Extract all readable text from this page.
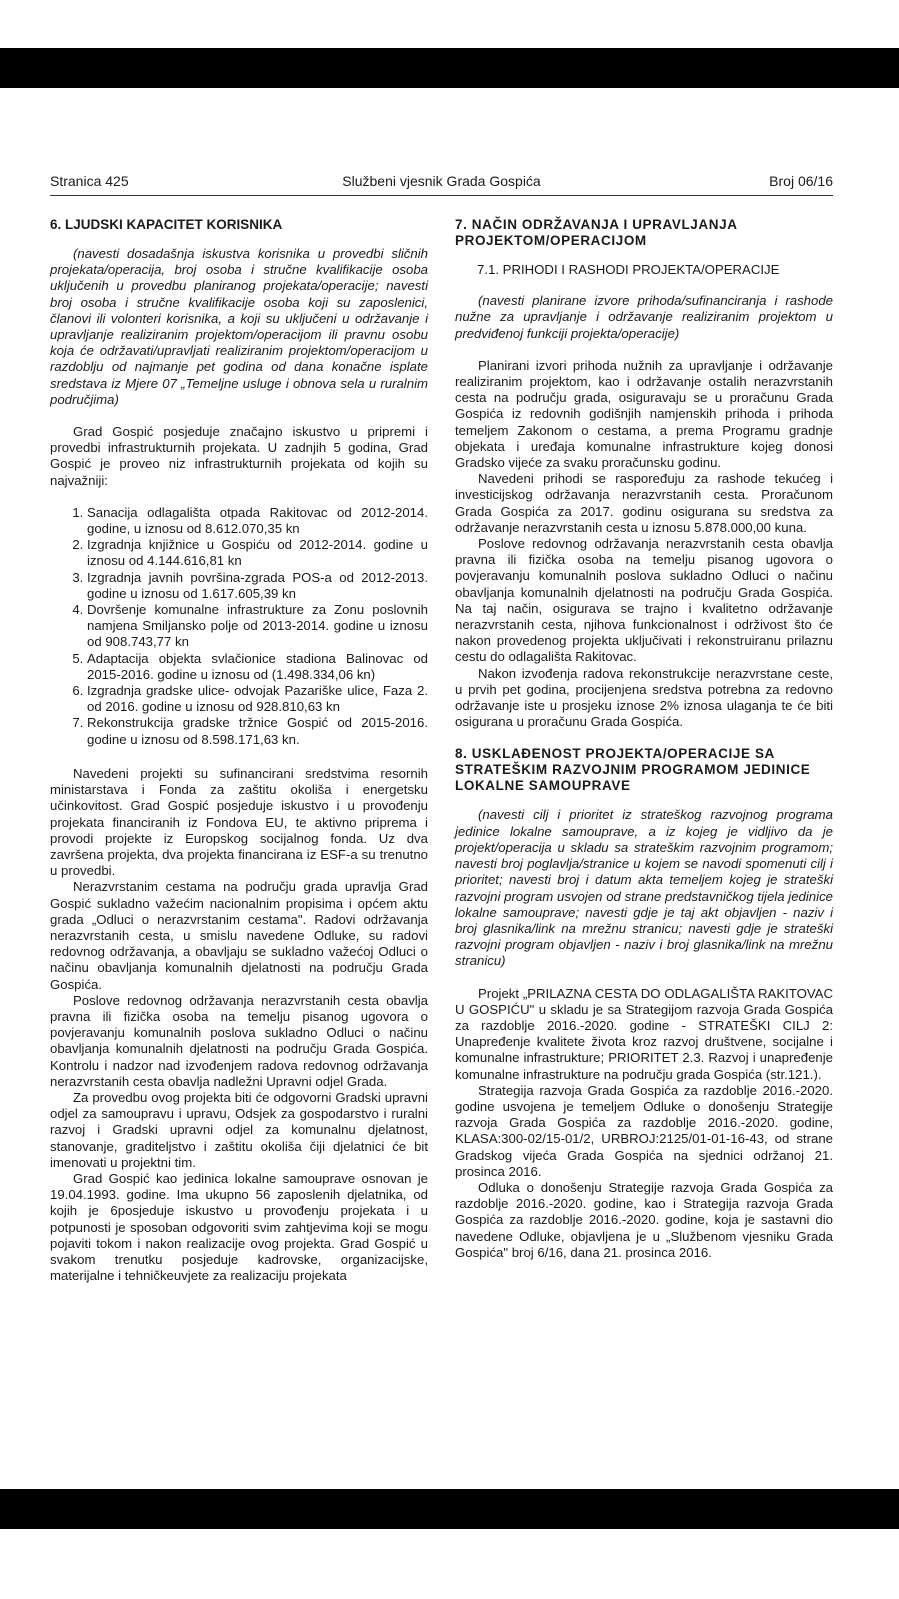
Stranica 425	Službeni vjesnik Grada Gospića	Broj 06/16
6. LJUDSKI KAPACITET KORISNIKA

(navesti dosadašnja iskustva korisnika u provedbi sličnih projekata/operacija, broj osoba i stručne kvalifikacije osoba uključenih u provedbu planiranog projekata/operacije; navesti broj osoba i stručne kvalifikacije osoba koji su zaposlenici, članovi ili volonteri korisnika, a koji su uključeni u održavanje i upravljanje realiziranim projektom/operacijom ili pravnu osobu koja će održavati/upravljati realiziranim projektom/operacijom u razdoblju od najmanje pet godina od dana konačne isplate sredstava iz Mjere 07 „Temeljne usluge i obnova sela u ruralnim područjima)

Grad Gospić posjeduje značajno iskustvo u pripremi i provedbi infrastrukturnih projekata. U zadnjih 5 godina, Grad Gospić je proveo niz infrastrukturnih projekata od kojih su najvažniji:

1. Sanacija odlagališta otpada Rakitovac od 2012-2014. godine, u iznosu od 8.612.070,35 kn
2. Izgradnja knjižnice u Gospiću od 2012-2014. godine u iznosu od 4.144.616,81 kn
3. Izgradnja javnih površina-zgrada POS-a od 2012-2013. godine u iznosu od 1.617.605,39 kn
4. Dovršenje komunalne infrastrukture za Zonu poslovnih namjena Smiljansko polje od 2013-2014. godine u iznosu od 908.743,77 kn
5. Adaptacija objekta svlačionice stadiona Balinovac od 2015-2016. godine u iznosu od (1.498.334,06 kn)
6. Izgradnja gradske ulice- odvojak Pazariške ulice, Faza 2. od 2016. godine u iznosu od 928.810,63 kn
7. Rekonstrukcija gradske tržnice Gospić od 2015-2016. godine u iznosu od 8.598.171,63 kn.

Navedeni projekti su sufinancirani sredstvima resornih ministarstava i Fonda za zaštitu okoliša i energetsku učinkovitost. Grad Gospić posjeduje iskustvo i u provođenju projekata financiranih iz Fondova EU, te aktivno priprema i provodi projekte iz Europskog socijalnog fonda. Uz dva završena projekta, dva projekta financirana iz ESF-a su trenutno u provedbi.

Nerazvrstanim cestama na području grada upravlja Grad Gospić sukladno važećim nacionalnim propisima i općem aktu grada „Odluci o nerazvrstanim cestama". Radovi održavanja nerazvrstanih cesta, u smislu navedene Odluke, su radovi redovnog održavanja, a obavljaju se sukladno važećoj Odluci o načinu obavljanja komunalnih djelatnosti na području Grada Gospića.

Poslove redovnog održavanja nerazvrstanih cesta obavlja pravna ili fizička osoba na temelju pisanog ugovora o povjeravanju komunalnih poslova sukladno Odluci o načinu obavljanja komunalnih djelatnosti na području Grada Gospića. Kontrolu i nadzor nad izvođenjem radova redovnog održavanja nerazvrstanih cesta obavlja nadležni Upravni odjel Grada.

Za provedbu ovog projekta biti će odgovorni Gradski upravni odjel za samoupravu i upravu, Odsjek za gospodarstvo i ruralni razvoj i Gradski upravni odjel za komunalnu djelatnost, stanovanje, graditeljstvo i zaštitu okoliša čiji djelatnici će bit imenovati u projektni tim.

Grad Gospić kao jedinica lokalne samouprave osnovan je 19.04.1993. godine. Ima ukupno 56 zaposlenih djelatnika, od kojih je 6posjeduje iskustvo u provođenju projekata i u potpunosti je sposoban odgovoriti svim zahtjevima koji se mogu pojaviti tokom i nakon realizacije ovog projekta. Grad Gospić u svakom trenutku posjeduje kadrovske, organizacijske, materijalne i tehničkeuvjete za realizaciju projekata

7. NAČIN ODRŽAVANJA I UPRAVLJANJA PROJEKTOM/OPERACIJOM
7.1. PRIHODI I RASHODI PROJEKTA/OPERACIJE

(navesti planirane izvore prihoda/sufinanciranja i rashode nužne za upravljanje i održavanje realiziranim projektom u predviđenoj funkciji projekta/operacije)

Planirani izvori prihoda nužnih za upravljanje i održavanje realiziranim projektom, kao i održavanje ostalih nerazvrstanih cesta na području grada, osiguravaju se u proračunu Grada Gospića iz redovnih godišnjih namjenskih prihoda i prihoda temeljem Zakonom o cestama, a prema Programu gradnje objekata i uređaja komunalne infrastrukture kojeg donosi Gradsko vijeće za svaku proračunsku godinu.

Navedeni prihodi se raspoređuju za rashode tekućeg i investicijskog održavanja nerazvrstanih cesta. Proračunom Grada Gospića za 2017. godinu osigurana su sredstva za održavanje nerazvrstanih cesta u iznosu 5.878.000,00 kuna.

Poslove redovnog održavanja nerazvrstanih cesta obavlja pravna ili fizička osoba na temelju pisanog ugovora o povjeravanju komunalnih poslova sukladno Odluci o načinu obavljanja komunalnih djelatnosti na području Grada Gospića. Na taj način, osigurava se trajno i kvalitetno održavanje nerazvrstanih cesta, njihova funkcionalnost i održivost što će nakon provedenog projekta uključivati i rekonstruiranu prilaznu cestu do odlagališta Rakitovac.

Nakon izvođenja radova rekonstrukcije nerazvrstane ceste, u prvih pet godina, procijenjena sredstva potrebna za redovno održavanje iste u prosjeku iznose 2% iznosa ulaganja te će biti osigurana u proračunu Grada Gospića.

8. USKLAĐENOST PROJEKTA/OPERACIJE SA STRATEŠKIM RAZVOJNIM PROGRAMOM JEDINICE LOKALNE SAMOUPRAVE

(navesti cilj i prioritet iz strateškog razvojnog programa jedinice lokalne samouprave, a iz kojeg je vidljivo da je projekt/operacija u skladu sa strateškim razvojnim programom; navesti broj poglavlja/stranice u kojem se navodi spomenuti cilj i prioritet; navesti broj i datum akta temeljem kojeg je strateški razvojni program usvojen od strane predstavničkog tijela jedinice lokalne samouprave; navesti gdje je taj akt objavljen - naziv i broj glasnika/link na mrežnu stranicu; navesti gdje je strateški razvojni program objavljen - naziv i broj glasnika/link na mrežnu stranicu)

Projekt „PRILAZNA CESTA DO ODLAGALIŠTA RAKITOVAC U GOSPIĆU" u skladu je sa Strategijom razvoja Grada Gospića za razdoblje 2016.-2020. godine - STRATEŠKI CILJ 2: Unapređenje kvalitete života kroz razvoj društvene, socijalne i komunalne infrastrukture; PRIORITET 2.3. Razvoj i unapređenje komunalne infrastrukture na području grada Gospića (str.121.).

Strategija razvoja Grada Gospića za razdoblje 2016.-2020. godine usvojena je temeljem Odluke o donošenju Strategije razvoja Grada Gospića za razdoblje 2016.-2020. godine, KLASA:300-02/15-01/2, URBROJ:2125/01-01-16-43, od strane Gradskog vijeća Grada Gospića na sjednici održanoj 21. prosinca 2016.

Odluka o donošenju Strategije razvoja Grada Gospića za razdoblje 2016.-2020. godine, kao i Strategija razvoja Grada Gospića za razdoblje 2016.-2020. godine, koja je sastavni dio navedene Odluke, objavljena je u „Službenom vjesniku Grada Gospića" broj 6/16, dana 21. prosinca 2016.
